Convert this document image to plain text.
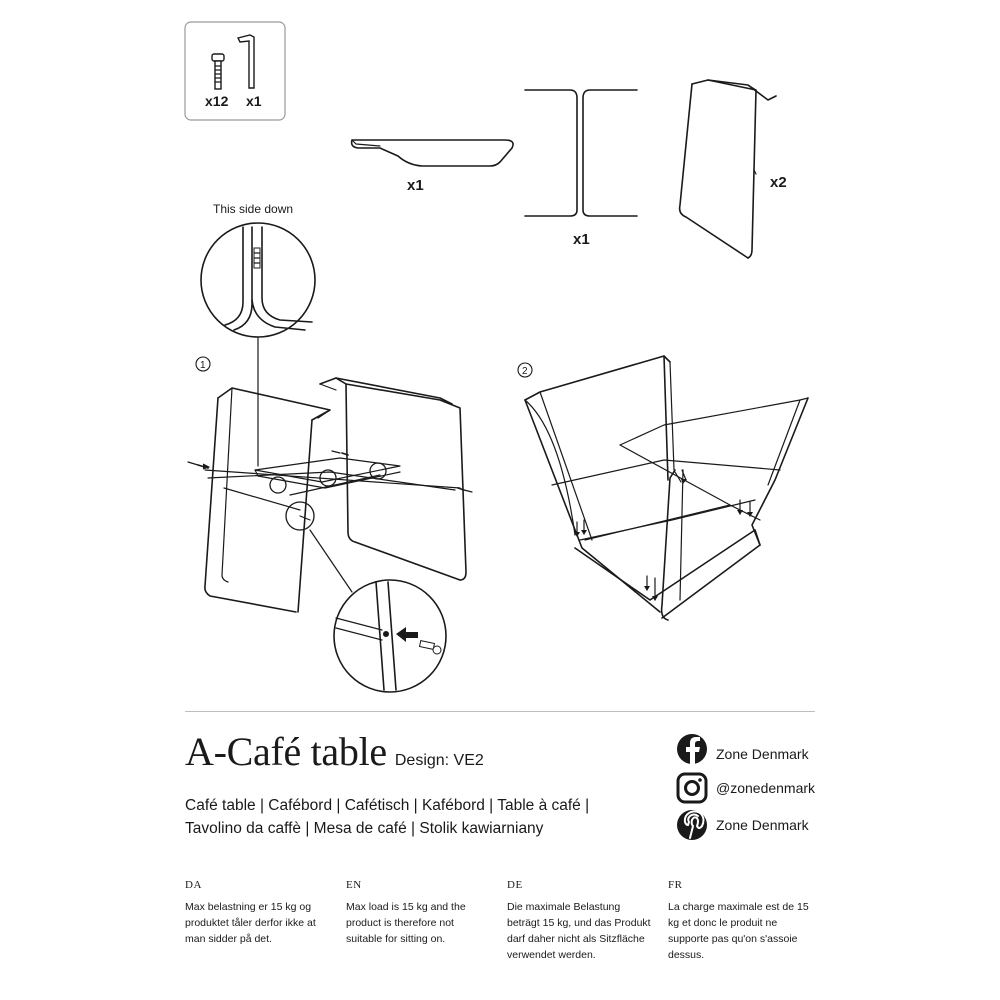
x12 x1
x1
x1
x2
This side down
1
2
A-Café table Design: VE2
Café table | Cafébord | Cafétisch | Kafébord | Table à café |
Tavolino da caffè | Mesa de café | Stolik kawiarniany
Zone Denmark
@zonedenmark
Zone Denmark
DA
Max belastning er 15 kg og produktet tåler derfor ikke at man sidder på det.
EN
Max load is 15 kg and the product is therefore not suitable for sitting on.
DE
Die maximale Belastung beträgt 15 kg, und das Produkt darf daher nicht als Sitzfläche verwendet werden.
FR
La charge maximale est de 15 kg et donc le produit ne supporte pas qu'on s'assoie dessus.
